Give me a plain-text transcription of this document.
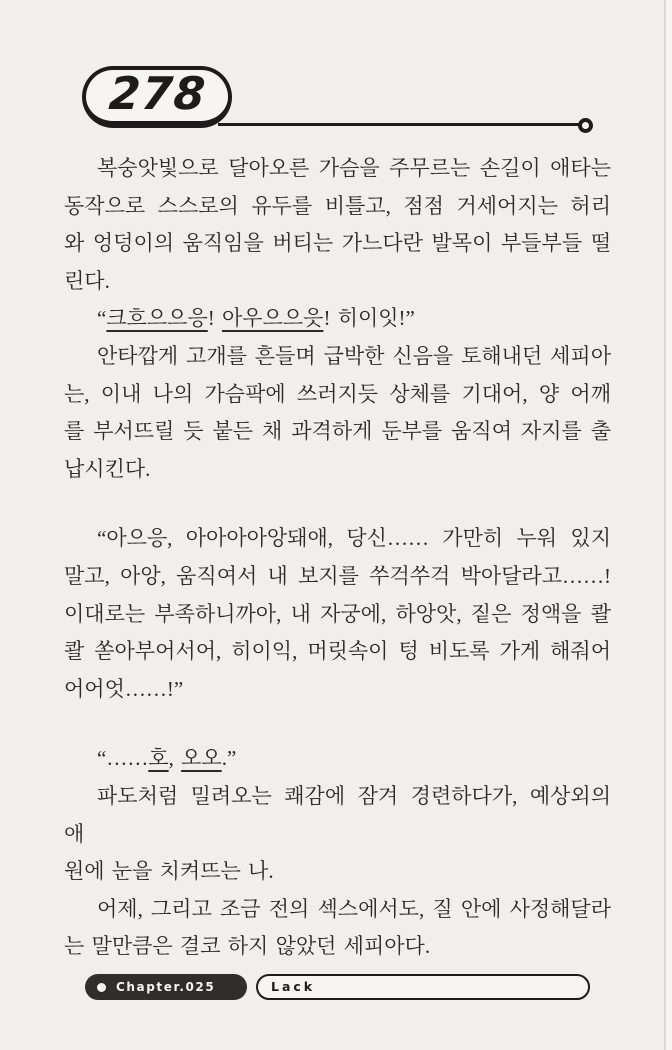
278
복숭앗빛으로 달아오른 가슴을 주무르는 손길이 애타는
동작으로 스스로의 유두를 비틀고, 점점 거세어지는 허리
와 엉덩이의 움직임을 버티는 가느다란 발목이 부들부들 떨
린다.
“크흐으으응! 아우으으읏! 히이잇!”
안타깝게 고개를 흔들며 급박한 신음을 토해내던 세피아
는, 이내 나의 가슴팍에 쓰러지듯 상체를 기대어, 양 어깨
를 부서뜨릴 듯 붙든 채 과격하게 둔부를 움직여 자지를 출
납시킨다.
“아으응, 아아아아앙돼애, 당신…… 가만히 누워 있지
말고, 아앙, 움직여서 내 보지를 쑤걱쑤걱 박아달라고……!
이대로는 부족하니까아, 내 자궁에, 하앙앗, 짙은 정액을 콸
콸 쏟아부어서어, 히이익, 머릿속이 텅 비도록 가게 해줘어
어어엇……!”
“……호, 오오.”
파도처럼 밀려오는 쾌감에 잠겨 경련하다가, 예상외의 애
원에 눈을 치켜뜨는 나.
어제, 그리고 조금 전의 섹스에서도, 질 안에 사정해달라
는 말만큼은 결코 하지 않았던 세피아다.
Chapter.025	Lack
